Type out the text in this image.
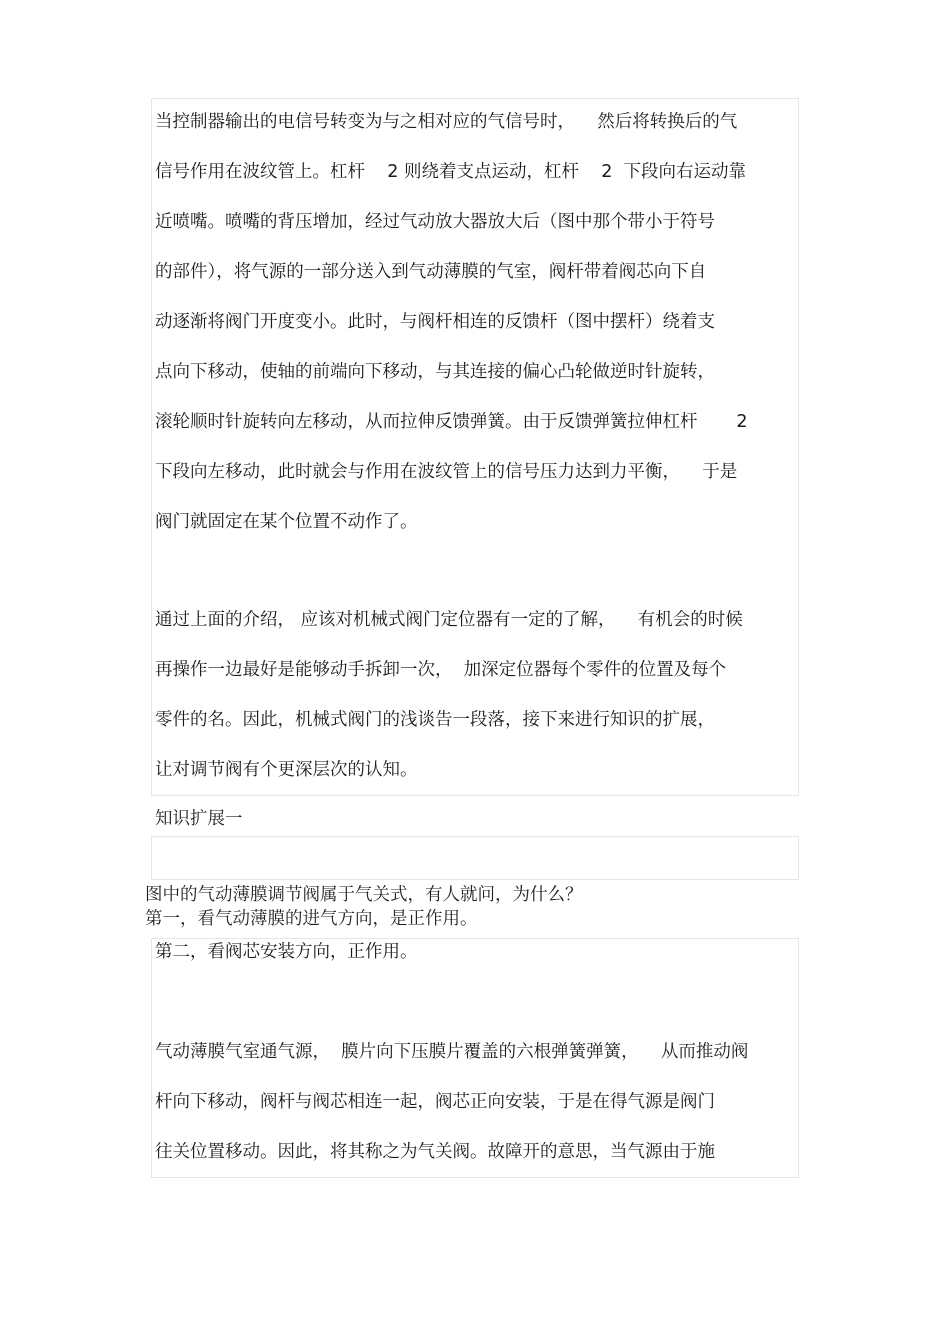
当控制器输出的电信号转变为与之相对应的气信号时，    然后将转换后的气
信号作用在波纹管上。杠杆    2 则绕着支点运动，杠杆    2  下段向右运动靠
近喷嘴。喷嘴的背压增加，经过气动放大器放大后（图中那个带小于符号
的部件），将气源的一部分送入到气动薄膜的气室，阀杆带着阀芯向下自
动逐渐将阀门开度变小。此时，与阀杆相连的反馈杆（图中摆杆）绕着支
点向下移动，使轴的前端向下移动，与其连接的偏心凸轮做逆时针旋转，
滚轮顺时针旋转向左移动，从而拉伸反馈弹簧。由于反馈弹簧拉伸杠杆       2
下段向左移动，此时就会与作用在波纹管上的信号压力达到力平衡，    于是
阀门就固定在某个位置不动作了。
通过上面的介绍， 应该对机械式阀门定位器有一定的了解，    有机会的时候
再操作一边最好是能够动手拆卸一次，  加深定位器每个零件的位置及每个
零件的名。因此，机械式阀门的浅谈告一段落，接下来进行知识的扩展，
让对调节阀有个更深层次的认知。

知识扩展一

图中的气动薄膜调节阀属于气关式，有人就问，为什么？

第一，看气动薄膜的进气方向，是正作用。

第二，看阀芯安装方向，正作用。
气动薄膜气室通气源，  膜片向下压膜片覆盖的六根弹簧弹簧，    从而推动阀
杆向下移动，阀杆与阀芯相连一起，阀芯正向安装，于是在得气源是阀门
往关位置移动。因此，将其称之为气关阀。故障开的意思，当气源由于施
